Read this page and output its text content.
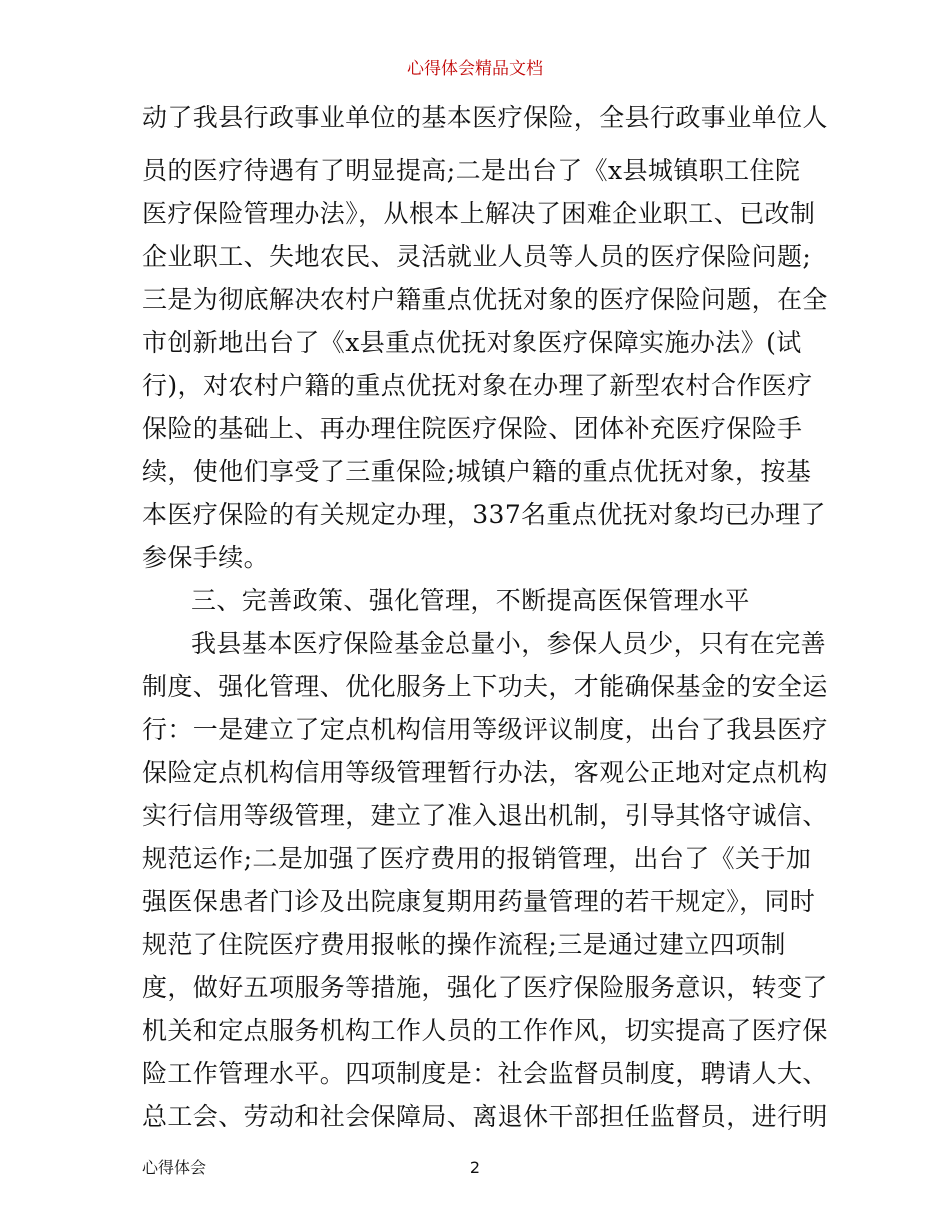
心得体会精品文档
动了我县行政事业单位的基本医疗保险，全县行政事业单位人
员的医疗待遇有了明显提高;二是出台了《x县城镇职工住院
医疗保险管理办法》，从根本上解决了困难企业职工、已改制
企业职工、失地农民、灵活就业人员等人员的医疗保险问题;
三是为彻底解决农村户籍重点优抚对象的医疗保险问题，在全
市创新地出台了《x县重点优抚对象医疗保障实施办法》(试
行)，对农村户籍的重点优抚对象在办理了新型农村合作医疗
保险的基础上、再办理住院医疗保险、团体补充医疗保险手
续，使他们享受了三重保险;城镇户籍的重点优抚对象，按基
本医疗保险的有关规定办理，337名重点优抚对象均已办理了
参保手续。
三、完善政策、强化管理，不断提高医保管理水平
我县基本医疗保险基金总量小，参保人员少，只有在完善
制度、强化管理、优化服务上下功夫，才能确保基金的安全运
行：一是建立了定点机构信用等级评议制度，出台了我县医疗
保险定点机构信用等级管理暂行办法，客观公正地对定点机构
实行信用等级管理，建立了准入退出机制，引导其恪守诚信、
规范运作;二是加强了医疗费用的报销管理，出台了《关于加
强医保患者门诊及出院康复期用药量管理的若干规定》，同时
规范了住院医疗费用报帐的操作流程;三是通过建立四项制
度，做好五项服务等措施，强化了医疗保险服务意识，转变了
机关和定点服务机构工作人员的工作作风，切实提高了医疗保
险工作管理水平。四项制度是：社会监督员制度，聘请人大、
总工会、劳动和社会保障局、离退休干部担任监督员，进行明
心得体会	2
